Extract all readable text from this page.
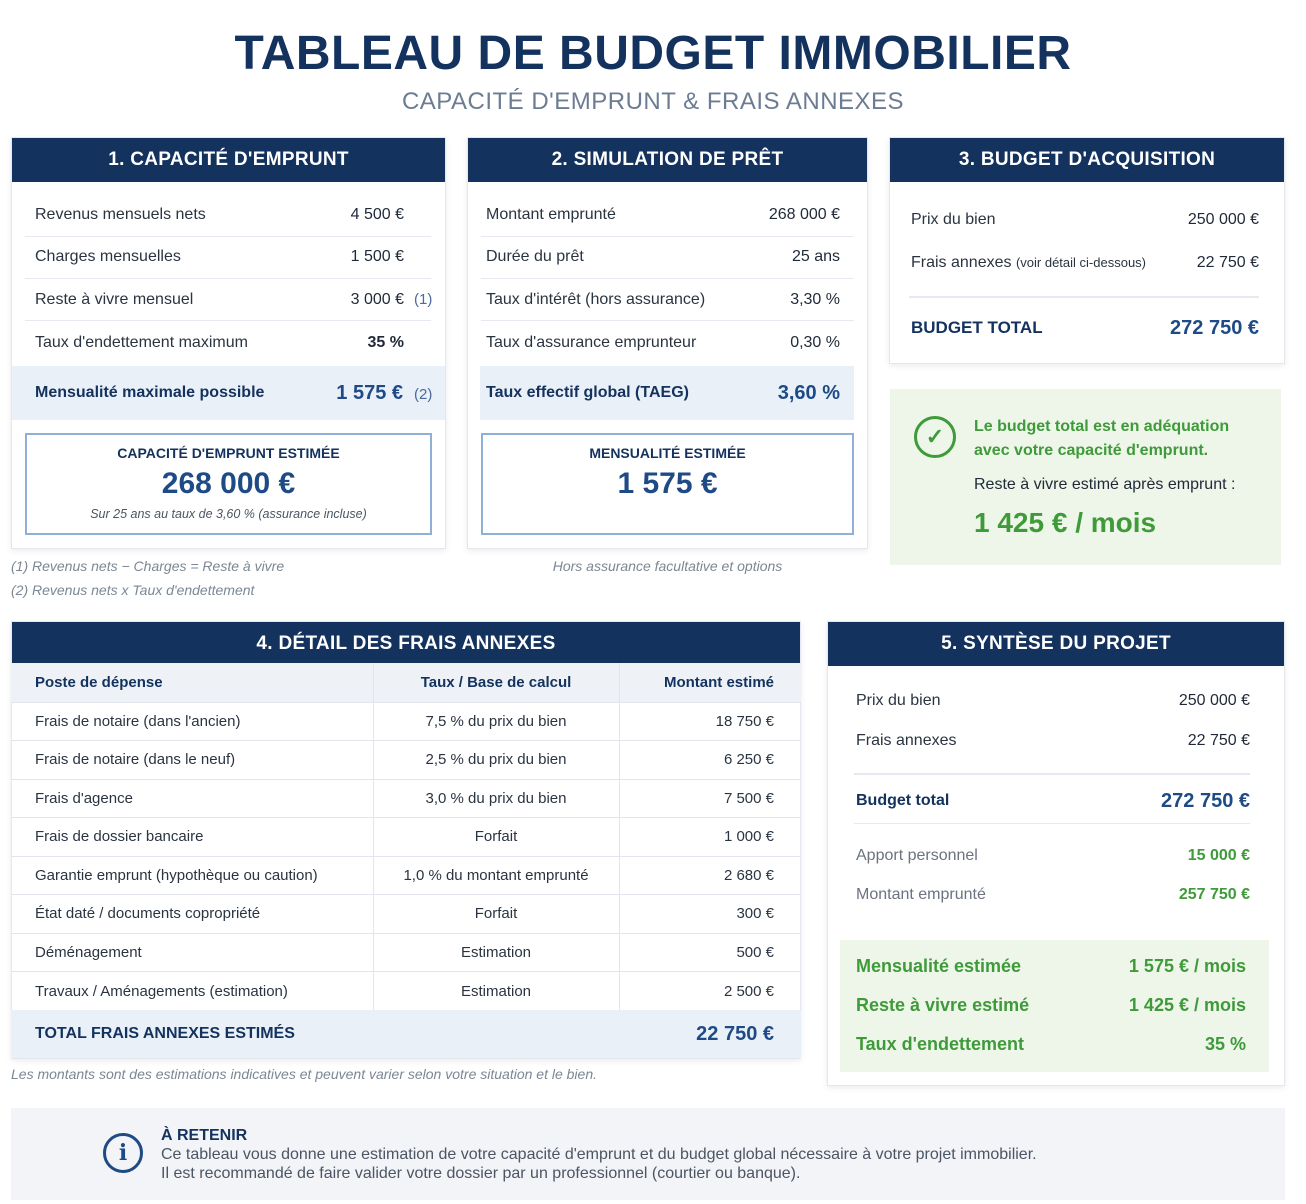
TABLEAU DE BUDGET IMMOBILIER
CAPACITÉ D'EMPRUNT & FRAIS ANNEXES
1. CAPACITÉ D'EMPRUNT
Revenus mensuels nets	4 500 €
Charges mensuelles	1 500 €
Reste à vivre mensuel	3 000 € (1)
Taux d'endettement maximum	35 %
Mensualité maximale possible	1 575 € (2)
CAPACITÉ D'EMPRUNT ESTIMÉE
268 000 €
Sur 25 ans au taux de 3,60 % (assurance incluse)
(1) Revenus nets − Charges = Reste à vivre
(2) Revenus nets x Taux d'endettement
2. SIMULATION DE PRÊT
Montant emprunté	268 000 €
Durée du prêt	25 ans
Taux d'intérêt (hors assurance)	3,30 %
Taux d'assurance emprunteur	0,30 %
Taux effectif global (TAEG)	3,60 %
MENSUALITÉ ESTIMÉE
1 575 €
Hors assurance facultative et options
3. BUDGET D'ACQUISITION
Prix du bien	250 000 €
Frais annexes (voir détail ci-dessous)	22 750 €
BUDGET TOTAL	272 750 €
✓	Le budget total est en adéquation avec votre capacité d'emprunt.
Reste à vivre estimé après emprunt :
1 425 € / mois
4. DÉTAIL DES FRAIS ANNEXES
Poste de dépense	Taux / Base de calcul	Montant estimé
Frais de notaire (dans l'ancien)	7,5 % du prix du bien	18 750 €
Frais de notaire (dans le neuf)	2,5 % du prix du bien	6 250 €
Frais d'agence	3,0 % du prix du bien	7 500 €
Frais de dossier bancaire	Forfait	1 000 €
Garantie emprunt (hypothèque ou caution)	1,0 % du montant emprunté	2 680 €
État daté / documents copropriété	Forfait	300 €
Déménagement	Estimation	500 €
Travaux / Aménagements (estimation)	Estimation	2 500 €
TOTAL FRAIS ANNEXES ESTIMÉS	22 750 €
Les montants sont des estimations indicatives et peuvent varier selon votre situation et le bien.
5. SYNTÈSE DU PROJET
Prix du bien	250 000 €
Frais annexes	22 750 €
Budget total	272 750 €
Apport personnel	15 000 €
Montant emprunté	257 750 €
Mensualité estimée	1 575 € / mois
Reste à vivre estimé	1 425 € / mois
Taux d'endettement	35 %
i
À RETENIR
Ce tableau vous donne une estimation de votre capacité d'emprunt et du budget global nécessaire à votre projet immobilier.
Il est recommandé de faire valider votre dossier par un professionnel (courtier ou banque).
